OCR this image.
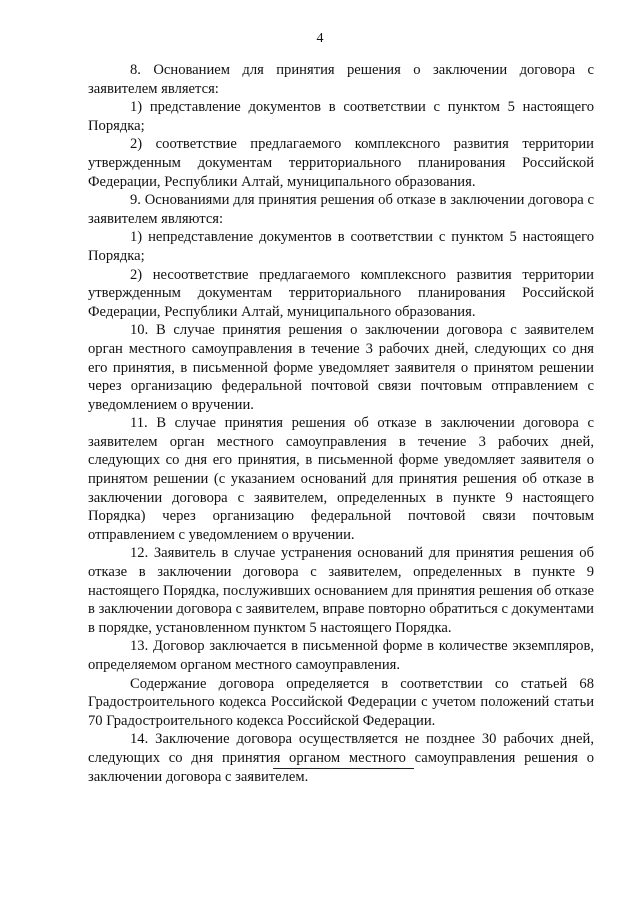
4

8. Основанием для принятия решения о заключении договора с заявителем является:

1) представление документов в соответствии с пунктом 5 настоящего Порядка;

2) соответствие предлагаемого комплексного развития территории утвержденным документам территориального планирования Российской Федерации, Республики Алтай, муниципального образования.

9. Основаниями для принятия решения об отказе в заключении договора с заявителем являются:

1) непредставление документов в соответствии с пунктом 5 настоящего Порядка;

2) несоответствие предлагаемого комплексного развития территории утвержденным документам территориального планирования Российской Федерации, Республики Алтай, муниципального образования.

10. В случае принятия решения о заключении договора с заявителем орган местного самоуправления в течение 3 рабочих дней, следующих со дня его принятия, в письменной форме уведомляет заявителя о принятом решении через организацию федеральной почтовой связи почтовым отправлением с уведомлением о вручении.

11. В случае принятия решения об отказе в заключении договора с заявителем орган местного самоуправления в течение 3 рабочих дней, следующих со дня его принятия, в письменной форме уведомляет заявителя о принятом решении (с указанием оснований для принятия решения об отказе в заключении договора с заявителем, определенных в пункте 9 настоящего Порядка) через организацию федеральной почтовой связи почтовым отправлением с уведомлением о вручении.

12. Заявитель в случае устранения оснований для принятия решения об отказе в заключении договора с заявителем, определенных в пункте 9 настоящего Порядка, послуживших основанием для принятия решения об отказе в заключении договора с заявителем, вправе повторно обратиться с документами в порядке, установленном пунктом 5 настоящего Порядка.

13. Договор заключается в письменной форме в количестве экземпляров, определяемом органом местного самоуправления.

Содержание договора определяется в соответствии со статьей 68 Градостроительного кодекса Российской Федерации с учетом положений статьи 70 Градостроительного кодекса Российской Федерации.

14. Заключение договора осуществляется не позднее 30 рабочих дней, следующих со дня принятия органом местного самоуправления решения о заключении договора с заявителем.
